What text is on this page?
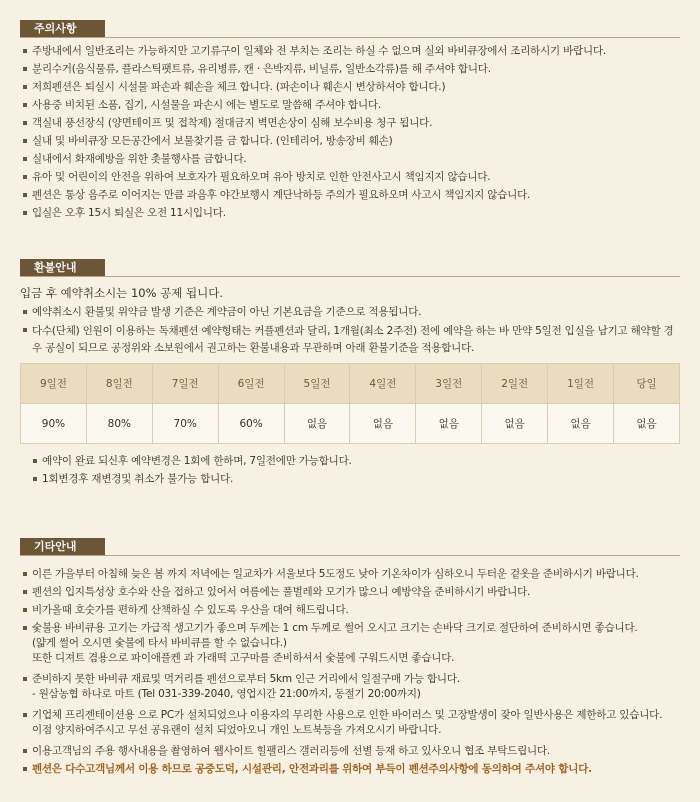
주의사항
주방내에서 일반조리는 가능하지만 고기류구이 일체와 전 부치는 조리는 하실 수 없으며 실외 바비큐장에서 조리하시기 바랍니다.
분리수거(음식물류, 플라스틱팻트류, 유리병류, 캔 · 은박지류, 비닐류, 일반소각류)를 해 주셔야 합니다.
저희펜션은 퇴실시 시설물 파손과 훼손을 체크 합니다. (파손이나 훼손시 변상하셔야 합니다.)
사용중 비치된 소품, 집기, 시설물을 파손시 에는 별도로 말씀해 주셔야 합니다.
객실내 풍선장식 (양면테이프 및 접착제) 절대금지 벽면손상이 심해 보수비용 청구 됩니다.
실내 및 바비큐장 모든공간에서 보물찾기를 금 합니다. (인테리어, 방송장비 훼손)
실내에서 화재예방을 위한 촛불행사를 금합니다.
유아 및 어린이의 안전을 위하여 보호자가 필요하오며 유아 방치로 인한 안전사고시 책임지지 않습니다.
펜션은 통상 음주로 이어지는 만큼 과음후 야간보행시 계단낙하등 주의가 필요하오며 사고시 책임지지 않습니다.
입실은 오후 15시 퇴실은 오전 11시입니다.
환불안내

입금 후 예약취소시는 10% 공제 됩니다.

예약취소시 환불및 위약금 발생 기준은 계약금이 아닌 기본요금을 기준으로 적용됩니다.
다수(단체) 인원이 이용하는 독채펜션 예약형태는 커플펜션과 달리, 1개월(최소 2주전) 전에 예약을 하는 바 만약 5일전 입실을 남기고 해약할 경우 공실이 되므로 공정위와 소보원에서 권고하는 환불내용과 무관하며 아래 환불기준을 적용합니다.
9일전	8일전	7일전	6일전	5일전	4일전	3일전	2일전	1일전	당일
90%	80%	70%	60%	없음	없음	없음	없음	없음	없음
예약이 완료 되신후 예약변경은 1회에 한하며, 7일전에만 가능합니다.
1회변경후 재변경및 취소가 불가능 합니다.
기타안내
이른 가을부터 아침해 늦은 봄 까지 저녁에는 일교차가 서울보다 5도정도 낮아 기온차이가 심하오니 두터운 겉옷을 준비하시기 바랍니다.
펜션의 입지특성상 호수와 산을 접하고 있어서 여름에는 풀벌레와 모기가 많으니 예방약을 준비하시기 바랍니다.
비가올때 호숫가를 편하게 산책하실 수 있도록 우산을 대여 해드립니다.
숯불용 바비큐용 고기는 가급적 생고기가 좋으며 두께는 1 cm 두께로 썰어 오시고 크기는 손바닥 크기로 절단하여 준비하시면 좋습니다.
(얇게 썰어 오시면 숯불에 타서 바비큐를 할 수 없습니다.)
또한 디져트 겸용으로 파이애플켄 과 가래떡 고구마를 준비하셔서 숯불에 구워드시면 좋습니다.
준비하지 못한 바비큐 재료및 먹거리를 펜션으로부터 5km 인근 거리에서 일절구매 가능 합니다.
- 원삼농협 하나로 마트 (Tel 031-339-2040, 영업시간 21:00까지, 동절기 20:00까지)
기업체 프리젠테이션용 으로 PC가 설치되었으나 이용자의 무리한 사용으로 인한 바이러스 및 고장발생이 잦아 일반사용은 제한하고 있습니다.
이점 양지하여주시고 무선 공유랜이 설치 되었아오니 개인 노트북등을 가져오시기 바랍니다.
이용고객님의 주용 행사내용을 촬영하여 웹사이트 힐팰리스 갤러리등에 선별 등재 하고 있사오니 협조 부탁드립니다.
펜션은 다수고객님께서 이용 하므로 공중도덕, 시설관리, 안전과리를 위하여 부득이 펜션주의사항에 동의하여 주셔야 합니다.
